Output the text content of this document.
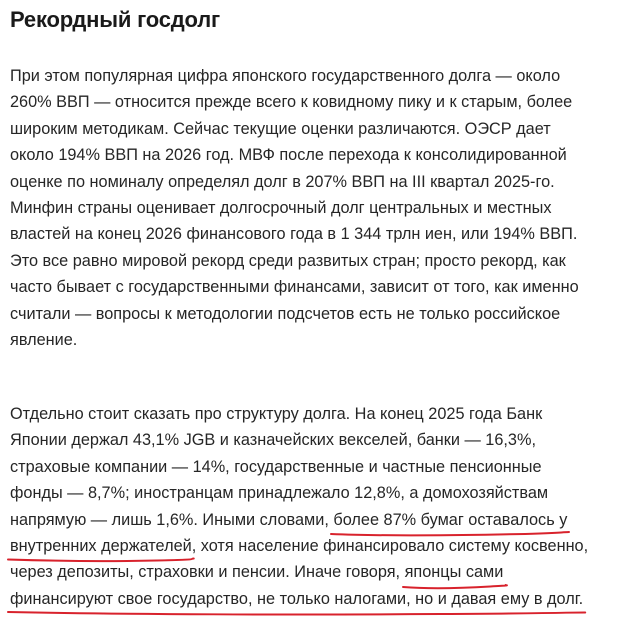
Рекордный госдолг
При этом популярная цифра японского государственного долга — около
260% ВВП — относится прежде всего к ковидному пику и к старым, более
широким методикам. Сейчас текущие оценки различаются. ОЭСР дает
около 194% ВВП на 2026 год. МВФ после перехода к консолидированной
оценке по номиналу определял долг в 207% ВВП на III квартал 2025-го.
Минфин страны оценивает долгосрочный долг центральных и местных
властей на конец 2026 финансового года в 1 344 трлн иен, или 194% ВВП.
Это все равно мировой рекорд среди развитых стран; просто рекорд, как
часто бывает с государственными финансами, зависит от того, как именно
считали — вопросы к методологии подсчетов есть не только российское
явление.
Отдельно стоит сказать про структуру долга. На конец 2025 года Банк
Японии держал 43,1% JGB и казначейских векселей, банки — 16,3%,
страховые компании — 14%, государственные и частные пенсионные
фонды — 8,7%; иностранцам принадлежало 12,8%, а домохозяйствам
напрямую — лишь 1,6%. Иными словами, более 87% бумаг оставалось у
внутренних держателей
, хотя население финансировало систему косвенно,
через депозиты, страховки и пенсии. Иначе говоря, японцы сами
финансируют свое государство, не только налогами, но и давая ему в долг.
